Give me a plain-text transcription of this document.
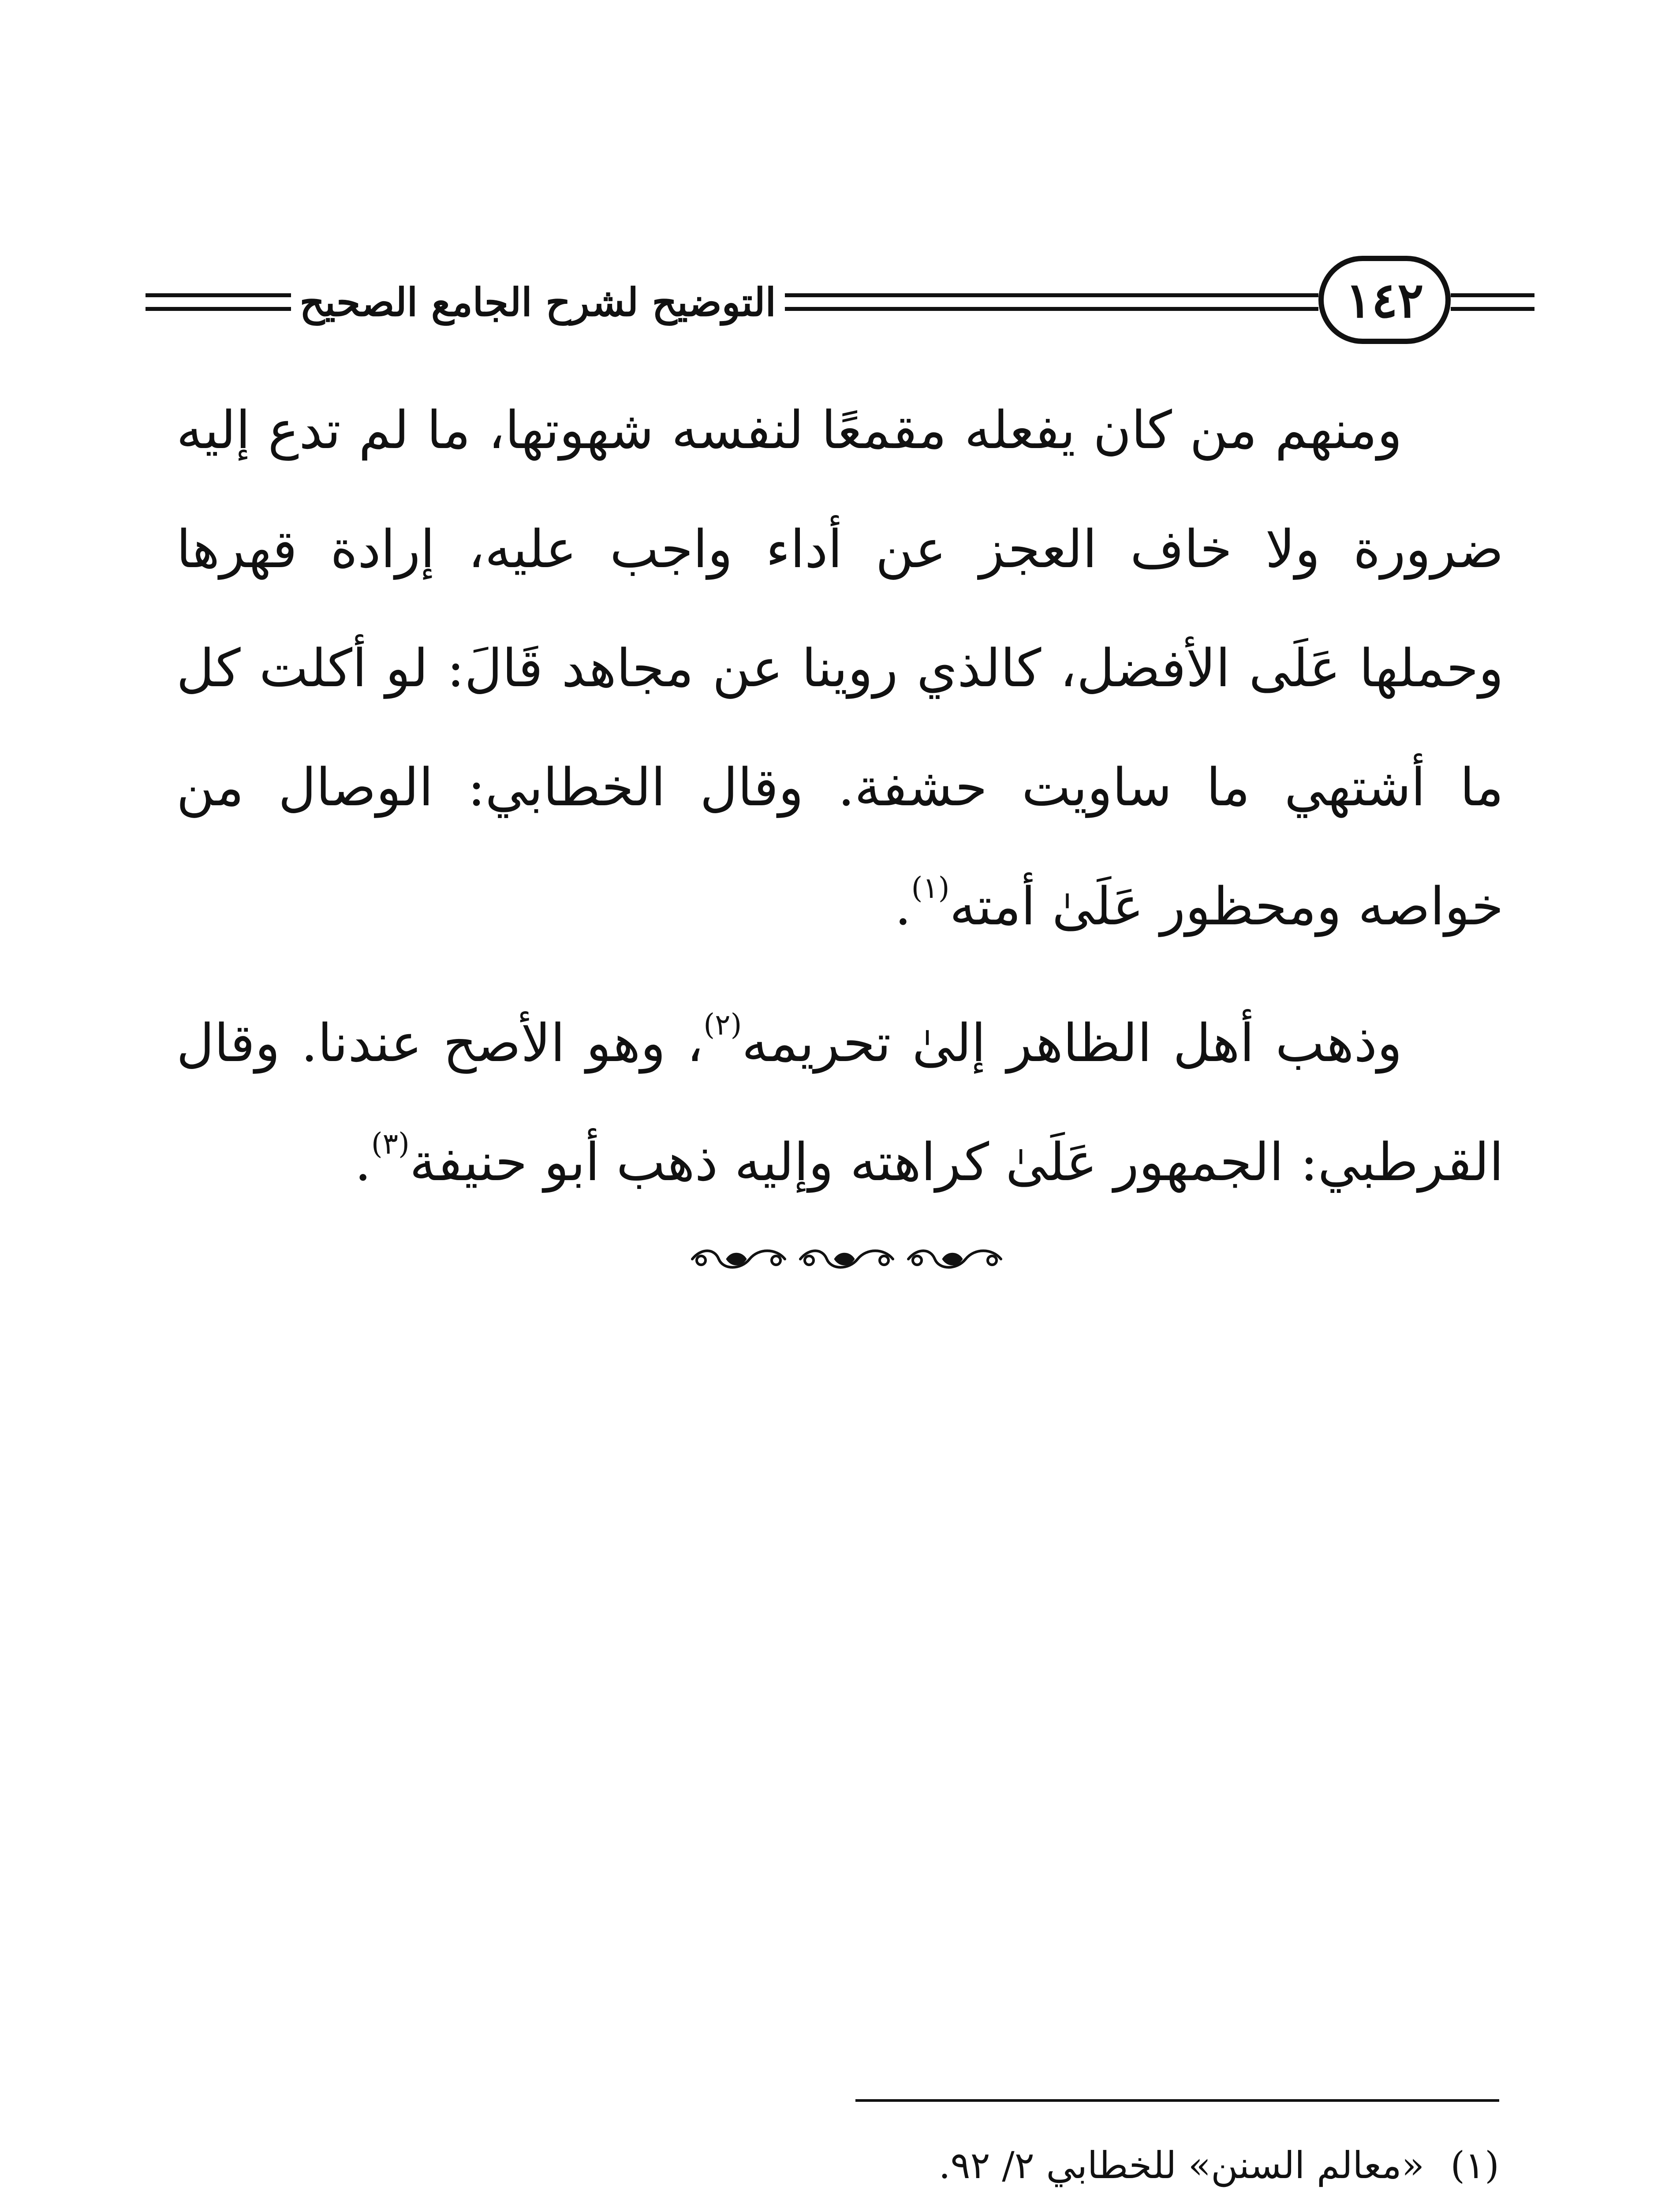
التوضيح لشرح الجامع الصحيح	١٤٢

ومنهم من كان يفعله مقمعًا لنفسه شهوتها، ما لم تدع إليه ضرورة ولا خاف العجز عن أداء واجب عليه، إرادة قهرها وحملها عَلَى الأفضل، كالذي روينا عن مجاهد قَالَ: لو أكلت كل ما أشتهي ما ساويت حشفة. وقال الخطابي: الوصال من خواصه ومحظور عَلَىٰ أمته$^{(١)}$.

وذهب أهل الظاهر إلىٰ تحريمه$^{(٢)}$، وهو الأصح عندنا. وقال القرطبي: الجمهور عَلَىٰ كراهته وإليه ذهب أبو حنيفة$^{(٣)}$.

(١)
«معالم السنن» للخطابي ٢/ ٩٢.
